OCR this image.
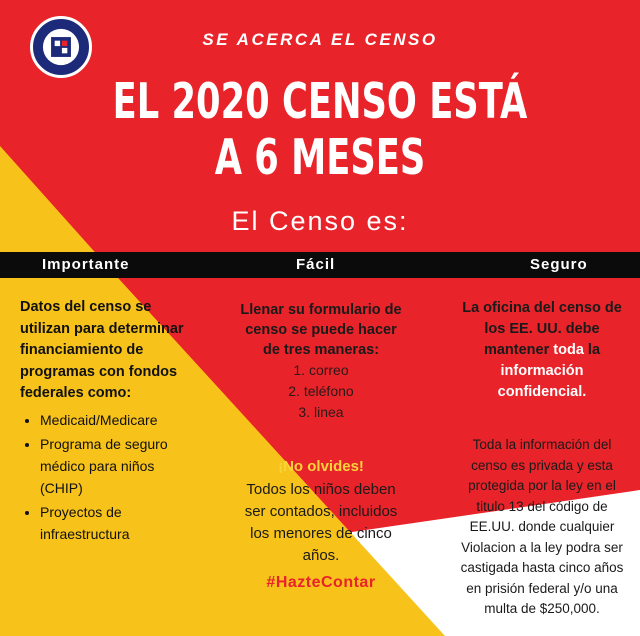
SE ACERCA EL CENSO
EL 2020 CENSO ESTÁ
A 6 MESES
El Censo es:
Importante	Fácil	Seguro
Datos del censo se utilizan para determinar financiamiento de programas con fondos federales como:
• Medicaid/Medicare
• Programa de seguro médico para niños (CHIP)
• Proyectos de infraestructura
Llenar su formulario de censo se puede hacer de tres maneras:
1. correo
2. teléfono
3. linea
¡No olvides!
Todos los niños deben ser contados, incluidos los menores de cinco años.
#HazteContar
La oficina del censo de los EE. UU. debe mantener toda la información confidencial.
Toda la información del censo es privada y esta protegida por la ley en el titulo 13 del código de EE.UU. donde cualquier Violacion a la ley podra ser castigada hasta cinco años en prisión federal y/o una multa de $250,000.
